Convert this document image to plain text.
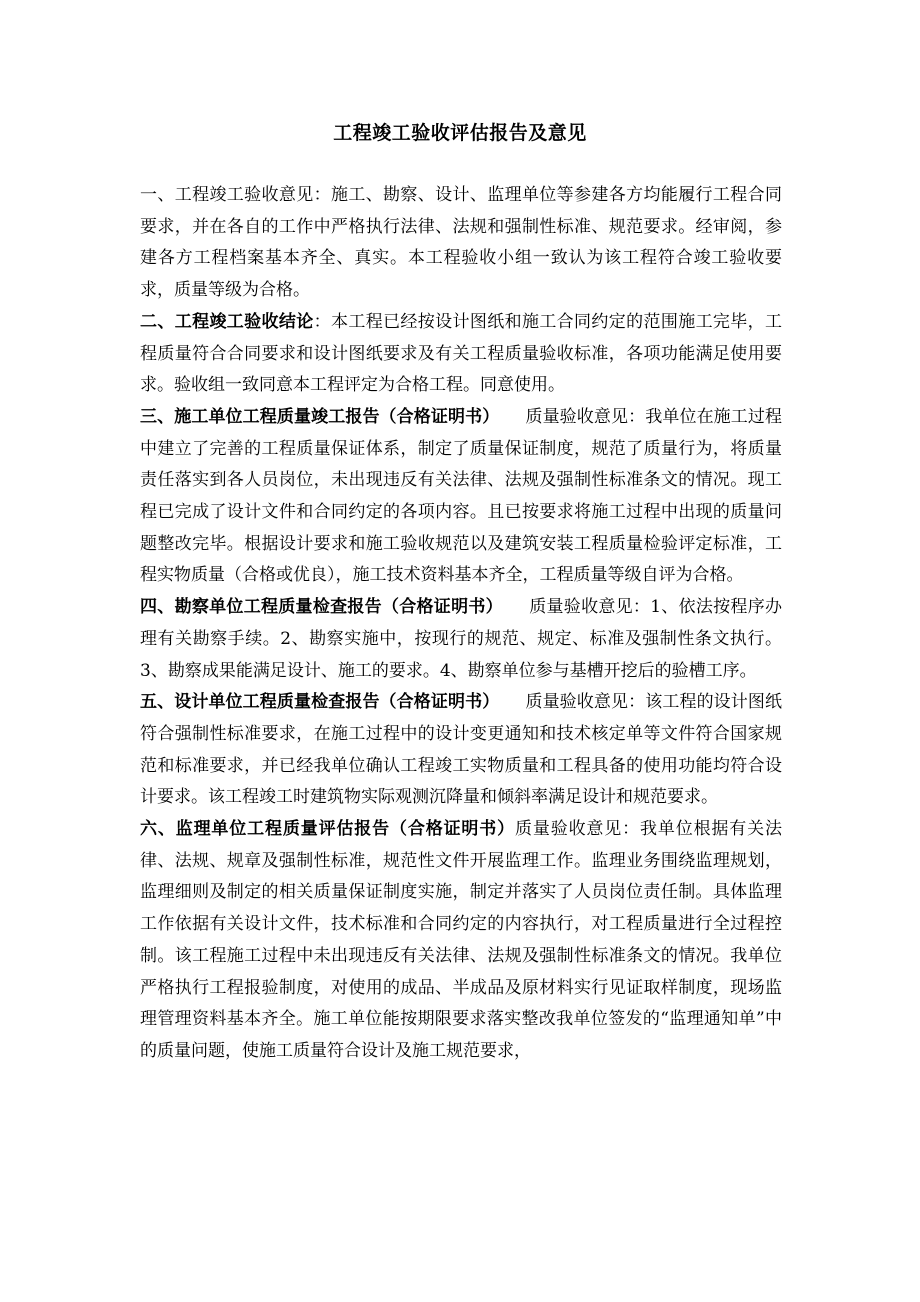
工程竣工验收评估报告及意见

一、工程竣工验收意见：施工、勘察、设计、监理单位等参建各方均能履行工程合同要求，并在各自的工作中严格执行法律、法规和强制性标准、规范要求。经审阅，参建各方工程档案基本齐全、真实。本工程验收小组一致认为该工程符合竣工验收要求，质量等级为合格。

二、工程竣工验收结论：本工程已经按设计图纸和施工合同约定的范围施工完毕，工程质量符合合同要求和设计图纸要求及有关工程质量验收标准，各项功能满足使用要求。验收组一致同意本工程评定为合格工程。同意使用。

三、施工单位工程质量竣工报告（合格证明书） 质量验收意见：我单位在施工过程中建立了完善的工程质量保证体系，制定了质量保证制度，规范了质量行为，将质量责任落实到各人员岗位，未出现违反有关法律、法规及强制性标准条文的情况。现工程已完成了设计文件和合同约定的各项内容。且已按要求将施工过程中出现的质量问题整改完毕。根据设计要求和施工验收规范以及建筑安装工程质量检验评定标准，工程实物质量（合格或优良），施工技术资料基本齐全，工程质量等级自评为合格。

四、勘察单位工程质量检查报告（合格证明书） 质量验收意见：1、依法按程序办理有关勘察手续。2、勘察实施中，按现行的规范、规定、标准及强制性条文执行。3、勘察成果能满足设计、施工的要求。4、勘察单位参与基槽开挖后的验槽工序。

五、设计单位工程质量检查报告（合格证明书） 质量验收意见：该工程的设计图纸符合强制性标准要求，在施工过程中的设计变更通知和技术核定单等文件符合国家规范和标准要求，并已经我单位确认工程竣工实物质量和工程具备的使用功能均符合设计要求。该工程竣工时建筑物实际观测沉降量和倾斜率满足设计和规范要求。

六、监理单位工程质量评估报告（合格证明书）质量验收意见：我单位根据有关法律、法规、规章及强制性标准，规范性文件开展监理工作。监理业务围绕监理规划，监理细则及制定的相关质量保证制度实施，制定并落实了人员岗位责任制。具体监理工作依据有关设计文件，技术标准和合同约定的内容执行，对工程质量进行全过程控制。该工程施工过程中未出现违反有关法律、法规及强制性标准条文的情况。我单位严格执行工程报验制度，对使用的成品、半成品及原材料实行见证取样制度，现场监理管理资料基本齐全。施工单位能按期限要求落实整改我单位签发的“监理通知单”中的质量问题，使施工质量符合设计及施工规范要求，
